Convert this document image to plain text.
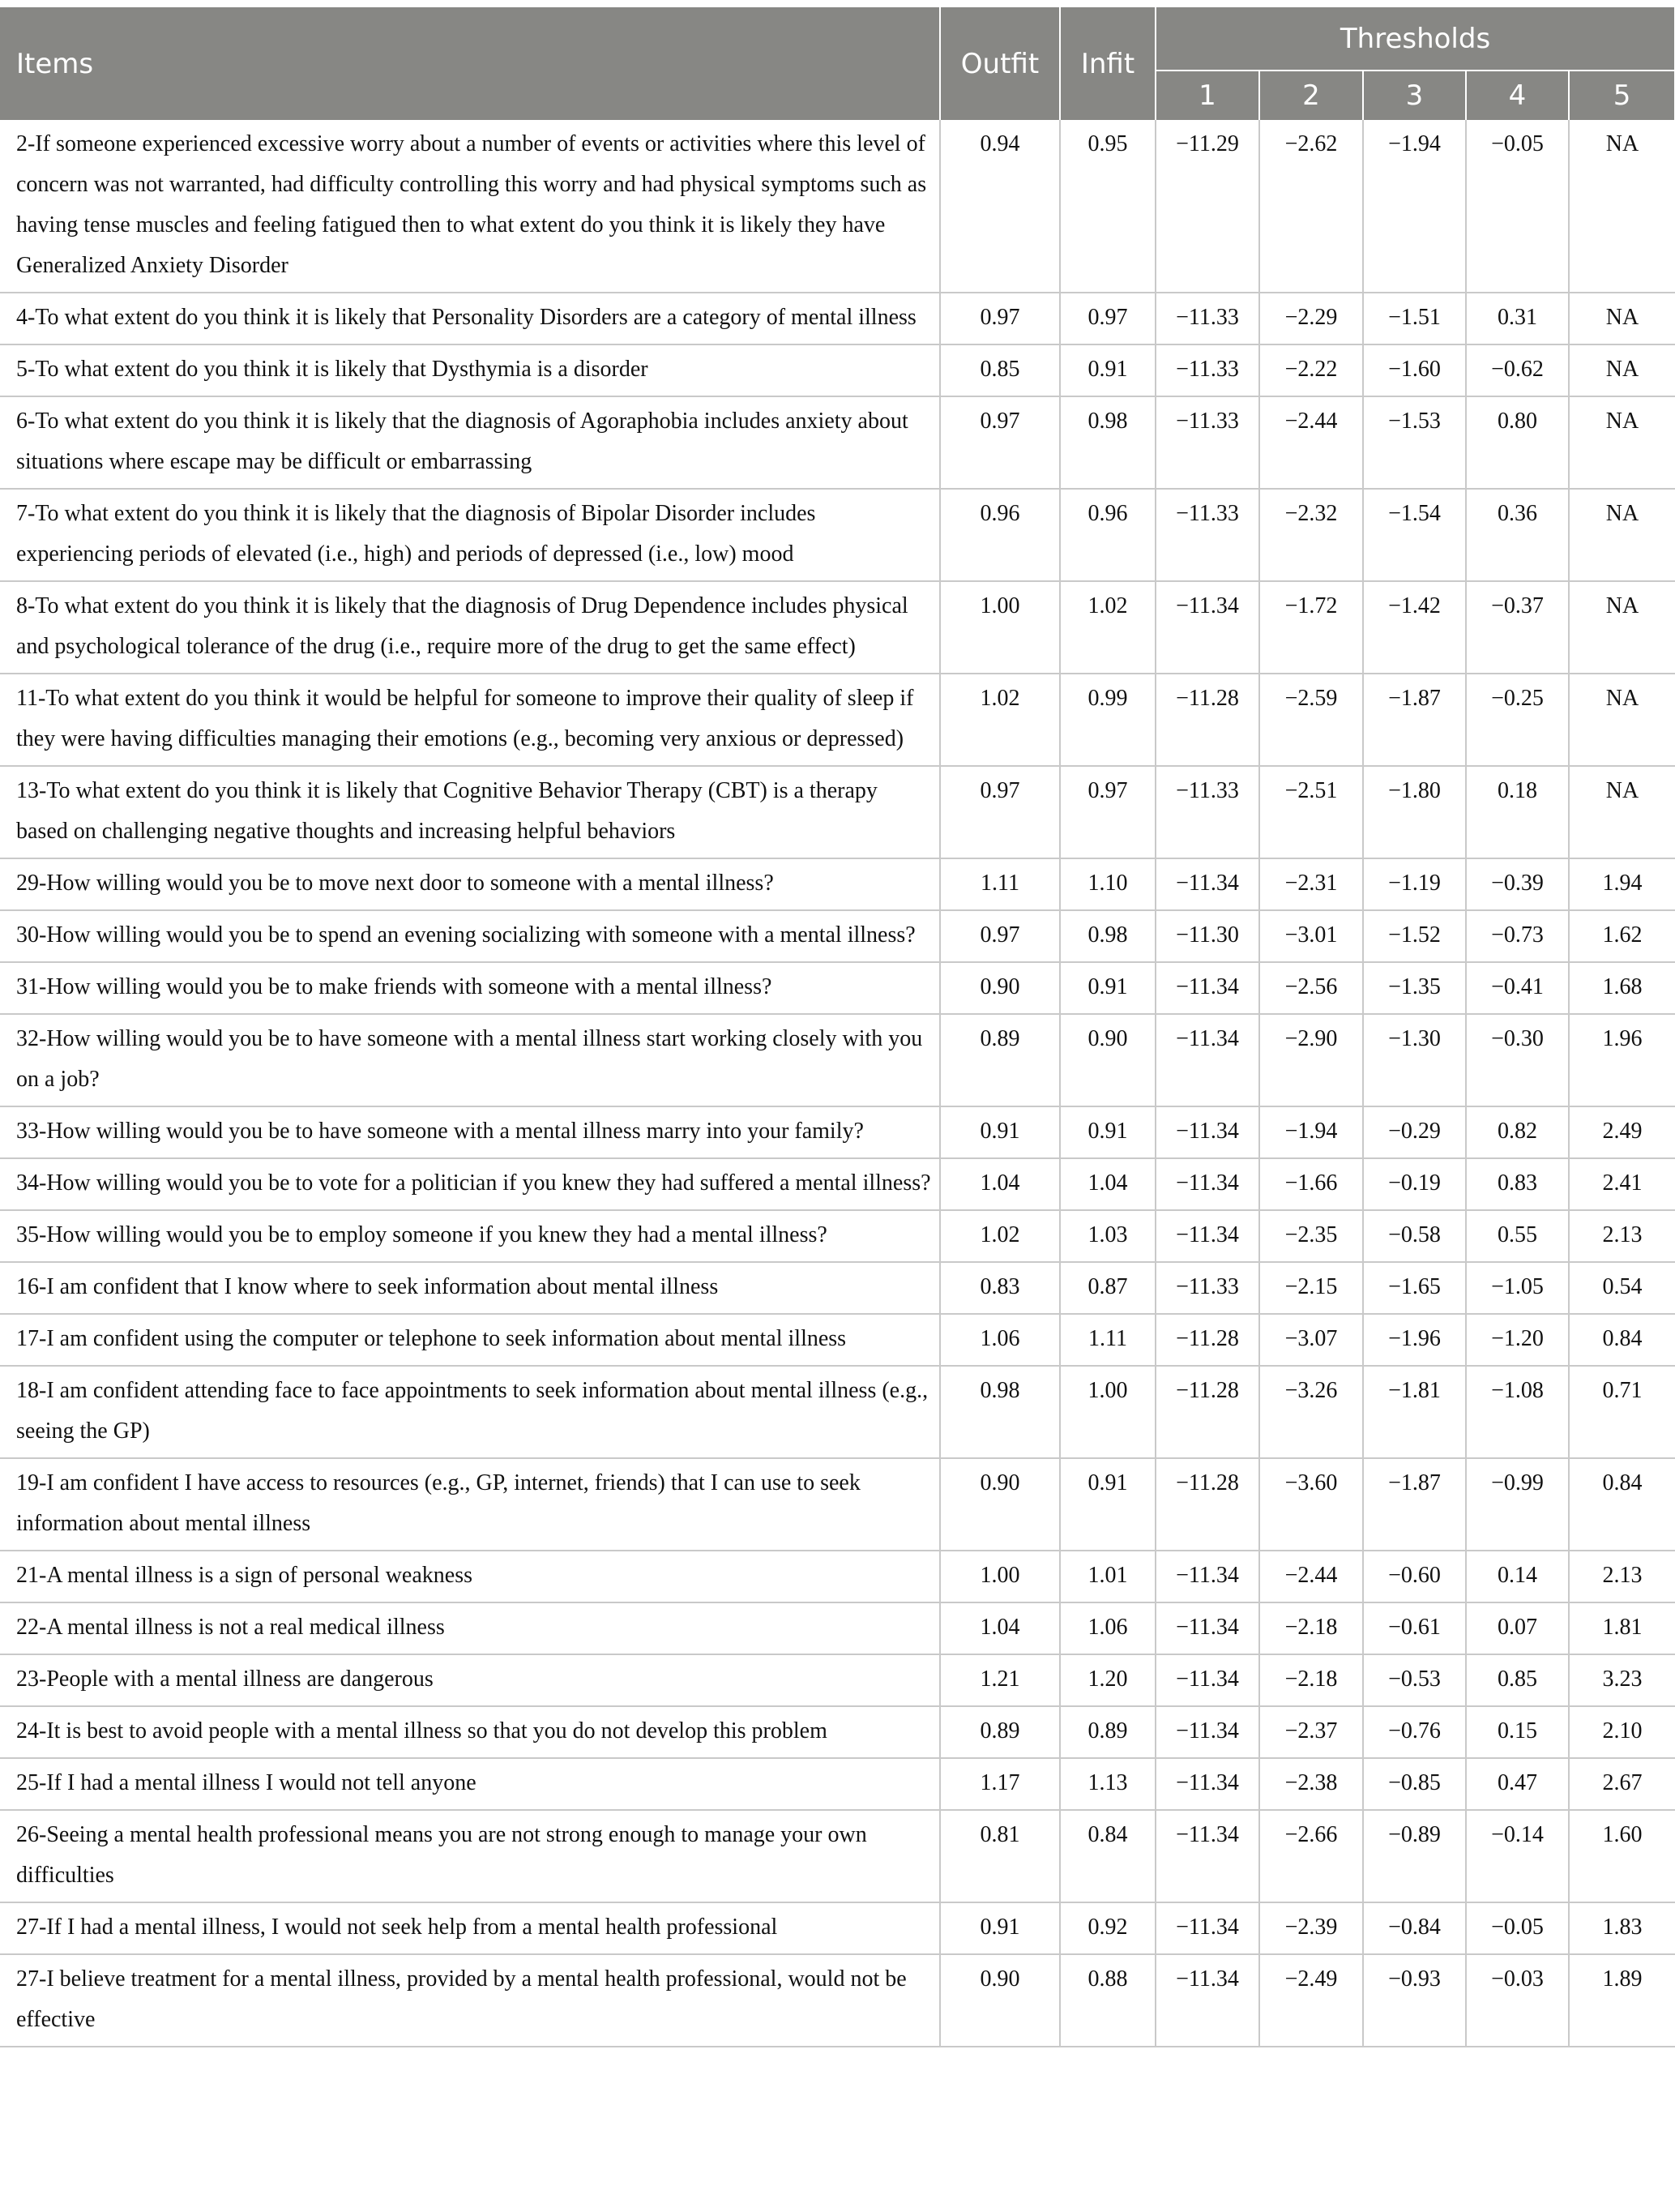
Items	Outfit	Infit	Thresholds				
			1	2	3	4	5
2-If someone experienced excessive worry about a number of events or activities where this level of concern was not warranted, had difficulty controlling this worry and had physical symptoms such as having tense muscles and feeling fatigued then to what extent do you think it is likely they have Generalized Anxiety Disorder	0.94	0.95	−11.29	−2.62	−1.94	−0.05	NA
4-To what extent do you think it is likely that Personality Disorders are a category of mental illness	0.97	0.97	−11.33	−2.29	−1.51	0.31	NA
5-To what extent do you think it is likely that Dysthymia is a disorder	0.85	0.91	−11.33	−2.22	−1.60	−0.62	NA
6-To what extent do you think it is likely that the diagnosis of Agoraphobia includes anxiety about situations where escape may be difficult or embarrassing	0.97	0.98	−11.33	−2.44	−1.53	0.80	NA
7-To what extent do you think it is likely that the diagnosis of Bipolar Disorder includes experiencing periods of elevated (i.e., high) and periods of depressed (i.e., low) mood	0.96	0.96	−11.33	−2.32	−1.54	0.36	NA
8-To what extent do you think it is likely that the diagnosis of Drug Dependence includes physical and psychological tolerance of the drug (i.e., require more of the drug to get the same effect)	1.00	1.02	−11.34	−1.72	−1.42	−0.37	NA
11-To what extent do you think it would be helpful for someone to improve their quality of sleep if they were having difficulties managing their emotions (e.g., becoming very anxious or depressed)	1.02	0.99	−11.28	−2.59	−1.87	−0.25	NA
13-To what extent do you think it is likely that Cognitive Behavior Therapy (CBT) is a therapy based on challenging negative thoughts and increasing helpful behaviors	0.97	0.97	−11.33	−2.51	−1.80	0.18	NA
29-How willing would you be to move next door to someone with a mental illness?	1.11	1.10	−11.34	−2.31	−1.19	−0.39	1.94
30-How willing would you be to spend an evening socializing with someone with a mental illness?	0.97	0.98	−11.30	−3.01	−1.52	−0.73	1.62
31-How willing would you be to make friends with someone with a mental illness?	0.90	0.91	−11.34	−2.56	−1.35	−0.41	1.68
32-How willing would you be to have someone with a mental illness start working closely with you on a job?	0.89	0.90	−11.34	−2.90	−1.30	−0.30	1.96
33-How willing would you be to have someone with a mental illness marry into your family?	0.91	0.91	−11.34	−1.94	−0.29	0.82	2.49
34-How willing would you be to vote for a politician if you knew they had suffered a mental illness?	1.04	1.04	−11.34	−1.66	−0.19	0.83	2.41
35-How willing would you be to employ someone if you knew they had a mental illness?	1.02	1.03	−11.34	−2.35	−0.58	0.55	2.13
16-I am confident that I know where to seek information about mental illness	0.83	0.87	−11.33	−2.15	−1.65	−1.05	0.54
17-I am confident using the computer or telephone to seek information about mental illness	1.06	1.11	−11.28	−3.07	−1.96	−1.20	0.84
18-I am confident attending face to face appointments to seek information about mental illness (e.g., seeing the GP)	0.98	1.00	−11.28	−3.26	−1.81	−1.08	0.71
19-I am confident I have access to resources (e.g., GP, internet, friends) that I can use to seek information about mental illness	0.90	0.91	−11.28	−3.60	−1.87	−0.99	0.84
21-A mental illness is a sign of personal weakness	1.00	1.01	−11.34	−2.44	−0.60	0.14	2.13
22-A mental illness is not a real medical illness	1.04	1.06	−11.34	−2.18	−0.61	0.07	1.81
23-People with a mental illness are dangerous	1.21	1.20	−11.34	−2.18	−0.53	0.85	3.23
24-It is best to avoid people with a mental illness so that you do not develop this problem	0.89	0.89	−11.34	−2.37	−0.76	0.15	2.10
25-If I had a mental illness I would not tell anyone	1.17	1.13	−11.34	−2.38	−0.85	0.47	2.67
26-Seeing a mental health professional means you are not strong enough to manage your own difficulties	0.81	0.84	−11.34	−2.66	−0.89	−0.14	1.60
27-If I had a mental illness, I would not seek help from a mental health professional	0.91	0.92	−11.34	−2.39	−0.84	−0.05	1.83
27-I believe treatment for a mental illness, provided by a mental health professional, would not be effective	0.90	0.88	−11.34	−2.49	−0.93	−0.03	1.89
